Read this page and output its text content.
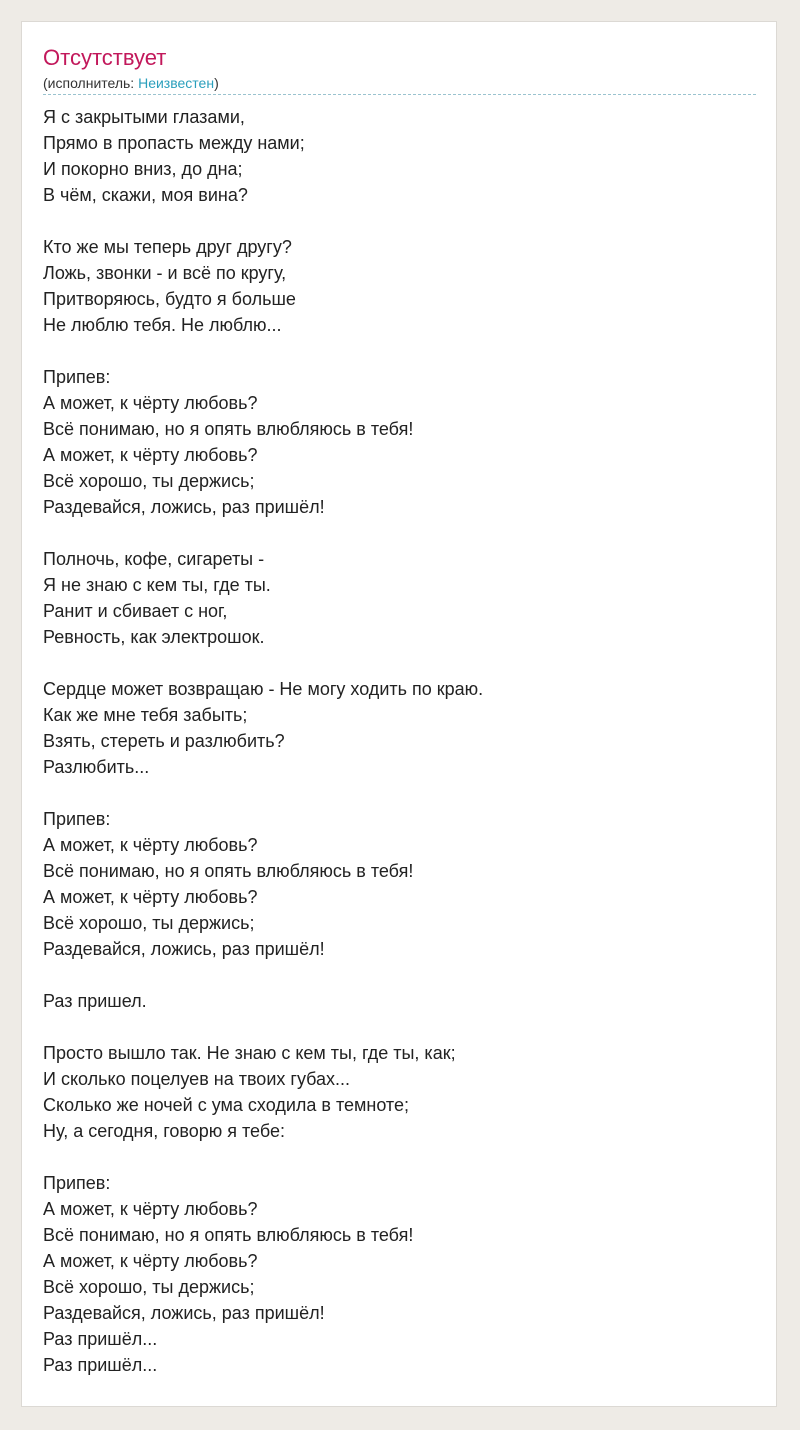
Отсутствует
(исполнитель: Неизвестен)
Я с закрытыми глазами,
Прямо в пропасть между нами;
И покорно вниз, до дна;
В чём, скажи, моя вина?

Кто же мы теперь друг другу?
Ложь, звонки - и всё по кругу,
Притворяюсь, будто я больше
Не люблю тебя. Не люблю...

Припев:
А может, к чёрту любовь?
Всё понимаю, но я опять влюбляюсь в тебя!
А может, к чёрту любовь?
Всё хорошо, ты держись;
Раздевайся, ложись, раз пришёл!

Полночь, кофе, сигареты -
Я не знаю с кем ты, где ты.
Ранит и сбивает с ног,
Ревность, как электрошок.

Сердце может возвращаю - Не могу ходить по краю.
Как же мне тебя забыть;
Взять, стереть и разлюбить?
Разлюбить...

Припев:
А может, к чёрту любовь?
Всё понимаю, но я опять влюбляюсь в тебя!
А может, к чёрту любовь?
Всё хорошо, ты держись;
Раздевайся, ложись, раз пришёл!

Раз пришел.

Просто вышло так. Не знаю с кем ты, где ты, как;
И сколько поцелуев на твоих губах...
Сколько же ночей с ума сходила в темноте;
Ну, а сегодня, говорю я тебе:

Припев:
А может, к чёрту любовь?
Всё понимаю, но я опять влюбляюсь в тебя!
А может, к чёрту любовь?
Всё хорошо, ты держись;
Раздевайся, ложись, раз пришёл!
Раз пришёл...
Раз пришёл...
